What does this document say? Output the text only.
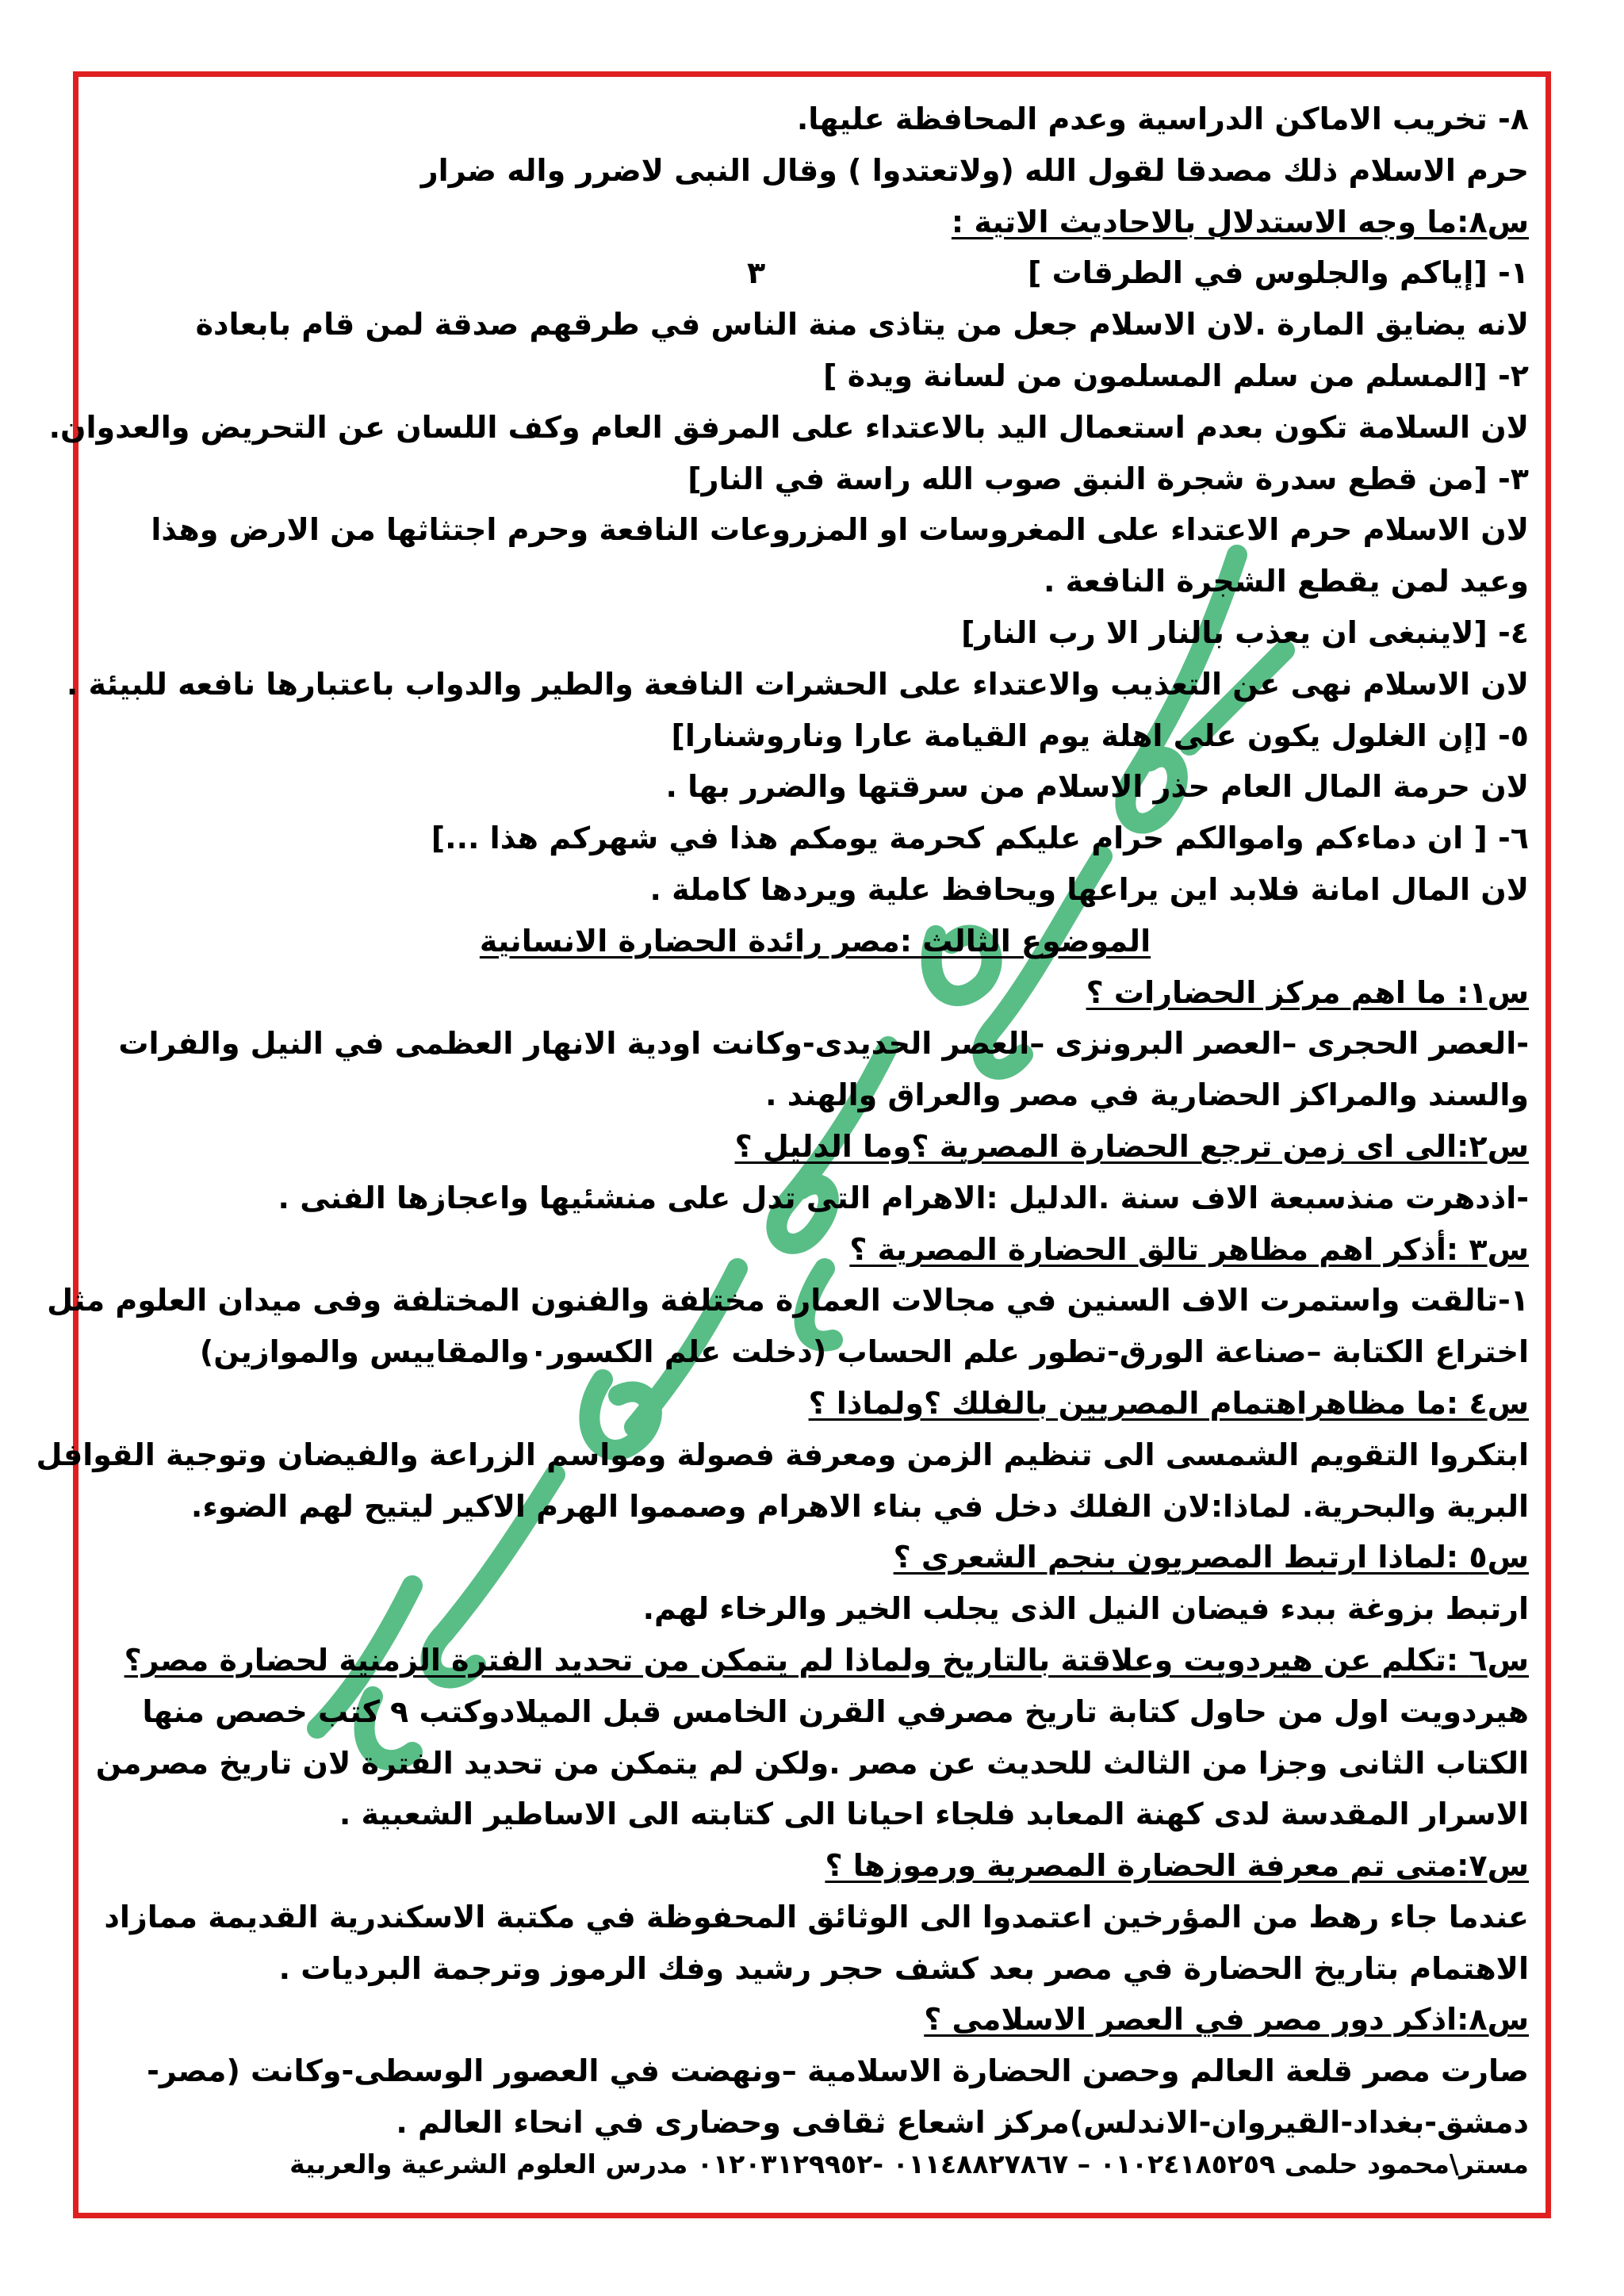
٨- تخريب الاماكن الدراسية وعدم المحافظة عليها.
حرم الاسلام ذلك مصدقا لقول الله (ولاتعتدوا ) وقال النبى لاضرر واله ضرار
س٨:ما وجه الاستدلال بالاحاديث الاتية :
١- [إياكم والجلوس في الطرقات ]                         ٣
لانه يضايق المارة .لان الاسلام جعل من يتاذى منة الناس في طرقهم صدقة لمن قام بابعادة
٢- [المسلم من سلم المسلمون من لسانة ويدة ]
لان السلامة تكون بعدم استعمال اليد بالاعتداء على المرفق العام وكف اللسان عن التحريض والعدوان.
٣- [من قطع سدرة شجرة النبق صوب الله راسة في النار]
لان الاسلام حرم الاعتداء على المغروسات او المزروعات النافعة وحرم اجتثاثها من الارض وهذا
وعيد لمن يقطع الشجرة النافعة .
٤- [لاينبغى ان يعذب بالنار الا رب النار]
لان الاسلام نهى عن التعذيب والاعتداء على الحشرات النافعة والطير والدواب باعتبارها نافعه للبيئة .
٥- [إن الغلول يكون على اهلة يوم القيامة عارا وناروشنارا]
لان حرمة المال العام حذر الاسلام من سرقتها والضرر بها .
٦- [ ان دماءكم واموالكم حرام عليكم كحرمة يومكم هذا في شهركم هذا ...]
لان المال امانة فلابد اين يراعها ويحافظ علية ويردها كاملة .
الموضوع الثالث :مصر رائدة الحضارة الانسانية
س١: ما اهم مركز الحضارات ؟
-العصر الحجرى –العصر البرونزى –العصر الحديدى-وكانت اودية الانهار العظمى في النيل والفرات
والسند والمراكز الحضارية في مصر والعراق والهند .
س٢:الى اى زمن ترجع الحضارة المصرية ؟وما الدليل ؟
-اذدهرت منذسبعة الاف سنة .الدليل :الاهرام التى تدل على منشئيها واعجازها الفنى .
س٣ :أذكر اهم مظاهر تالق الحضارة المصرية ؟
١-تالقت واستمرت الاف السنين في مجالات العمارة مختلفة والفنون المختلفة وفى ميدان العلوم مثل
اختراع الكتابة –صناعة الورق-تطور علم الحساب (دخلت علم الكسور٠والمقاييس والموازين)
س٤ :ما مظاهراهتمام المصريين بالفلك ؟ولماذا ؟
ابتكروا التقويم الشمسى الى تنظيم الزمن ومعرفة فصولة ومواسم الزراعة والفيضان وتوجية القوافل
البرية والبحرية. لماذا:لان الفلك دخل في بناء الاهرام وصمموا الهرم الاكير ليتيح لهم الضوء.
س٥ :لماذا ارتبط المصريون بنجم الشعرى ؟
ارتبط بزوغة ببدء فيضان النيل الذى يجلب الخير والرخاء لهم.
س٦ :تكلم عن هيردويت وعلاقتة بالتاريخ ولماذا لم يتمكن من تحديد الفترة الزمنية لحضارة مصر؟
هيردويت اول من حاول كتابة تاريخ مصرفي القرن الخامس قبل الميلادوكتب ٩ كتب خصص منها
الكتاب الثانى وجزا من الثالث للحديث عن مصر .ولكن لم يتمكن من تحديد الفترة لان تاريخ مصرمن
الاسرار المقدسة لدى كهنة المعابد فلجاء احيانا الى كتابته الى الاساطير الشعبية .
س٧:متى تم معرفة الحضارة المصرية ورموزها ؟
عندما جاء رهط من المؤرخين اعتمدوا الى الوثائق المحفوظة في مكتبة الاسكندرية القديمة ممازاد
الاهتمام بتاريخ الحضارة في مصر بعد كشف حجر رشيد وفك الرموز وترجمة البرديات .
س٨:اذكر دور مصر في العصر الاسلامى ؟
صارت مصر قلعة العالم وحصن الحضارة الاسلامية –ونهضت في العصور الوسطى-وكانت (مصر-
دمشق-بغداد-القيروان-الاندلس)مركز اشعاع ثقافى وحضارى في انحاء العالم .
مستر\محمود حلمى ٠١٠٢٤١٨٥٢٥٩ – ٠١١٤٨٨٢٧٨٦٧ -٠١٢٠٣١٢٩٩٥٢ مدرس العلوم الشرعية والعربية
